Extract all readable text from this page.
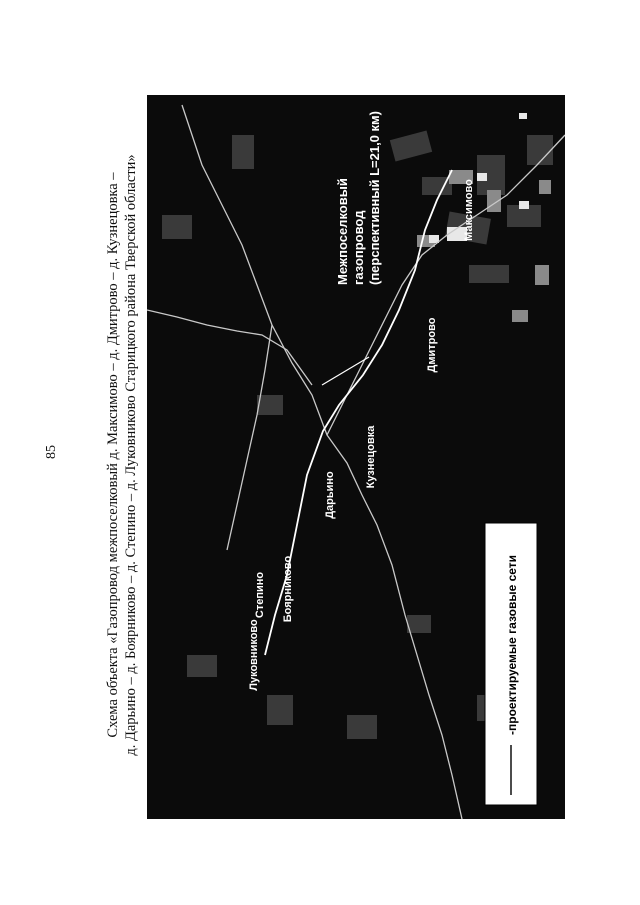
85	Схема объекта «Газопровод межпоселковый д. Максимово – д. Дмитрово – д. Кузнецовка – д. Дарьино – д. Боярниково – д. Степино – д. Луковниково Старицкого района Тверской области»	Максимово
Дмитрово
Кузнецовка
Дарьино
Боярниково
Степино
Луковниково
Межпоселковый газопровод (перспективный L=21,0 км)
-проектируемые газовые сети
